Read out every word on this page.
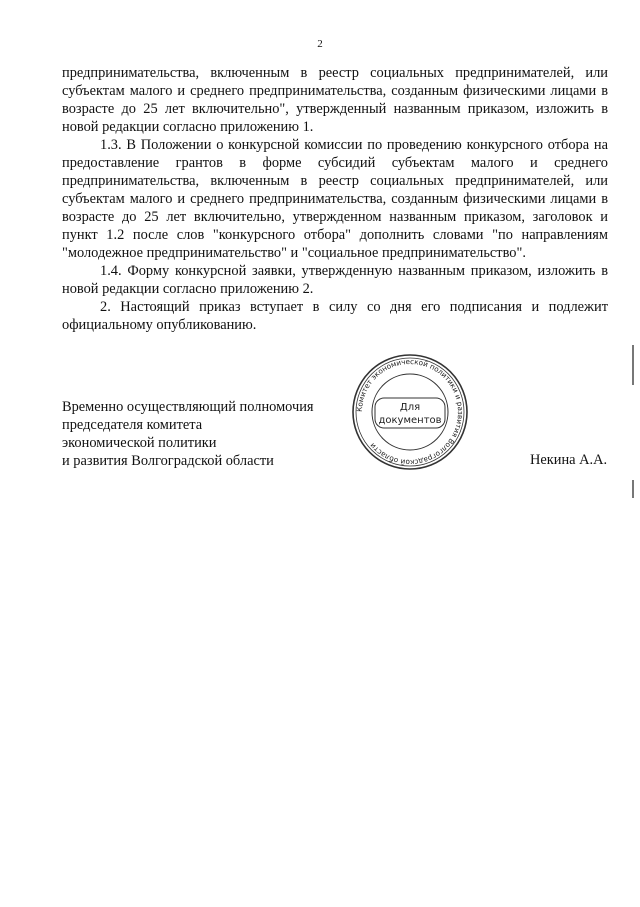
2

предпринимательства, включенным в реестр социальных предпринимателей, или субъектам малого и среднего предпринимательства, созданным физическими лицами в возрасте до 25 лет включительно", утвержденный названным приказом, изложить в новой редакции согласно приложению 1.

1.3. В Положении о конкурсной комиссии по проведению конкурсного отбора на предоставление грантов в форме субсидий субъектам малого и среднего предпринимательства, включенным в реестр социальных предпринимателей, или субъектам малого и среднего предпринимательства, созданным физическими лицами в возрасте до 25 лет включительно, утвержденном названным приказом, заголовок и пункт 1.2 после слов "конкурсного отбора" дополнить словами "по направлениям "молодежное предпринимательство" и "социальное предпринимательство".

1.4. Форму конкурсной заявки, утвержденную названным приказом, изложить в новой редакции согласно приложению 2.

2. Настоящий приказ вступает в силу со дня его подписания и подлежит официальному опубликованию.

Временно осуществляющий полномочия
председателя комитета
экономической политики
и развития Волгоградской области
Комитет экономической политики и развития Волгоградской области
Для
документов
Некина А.А.
